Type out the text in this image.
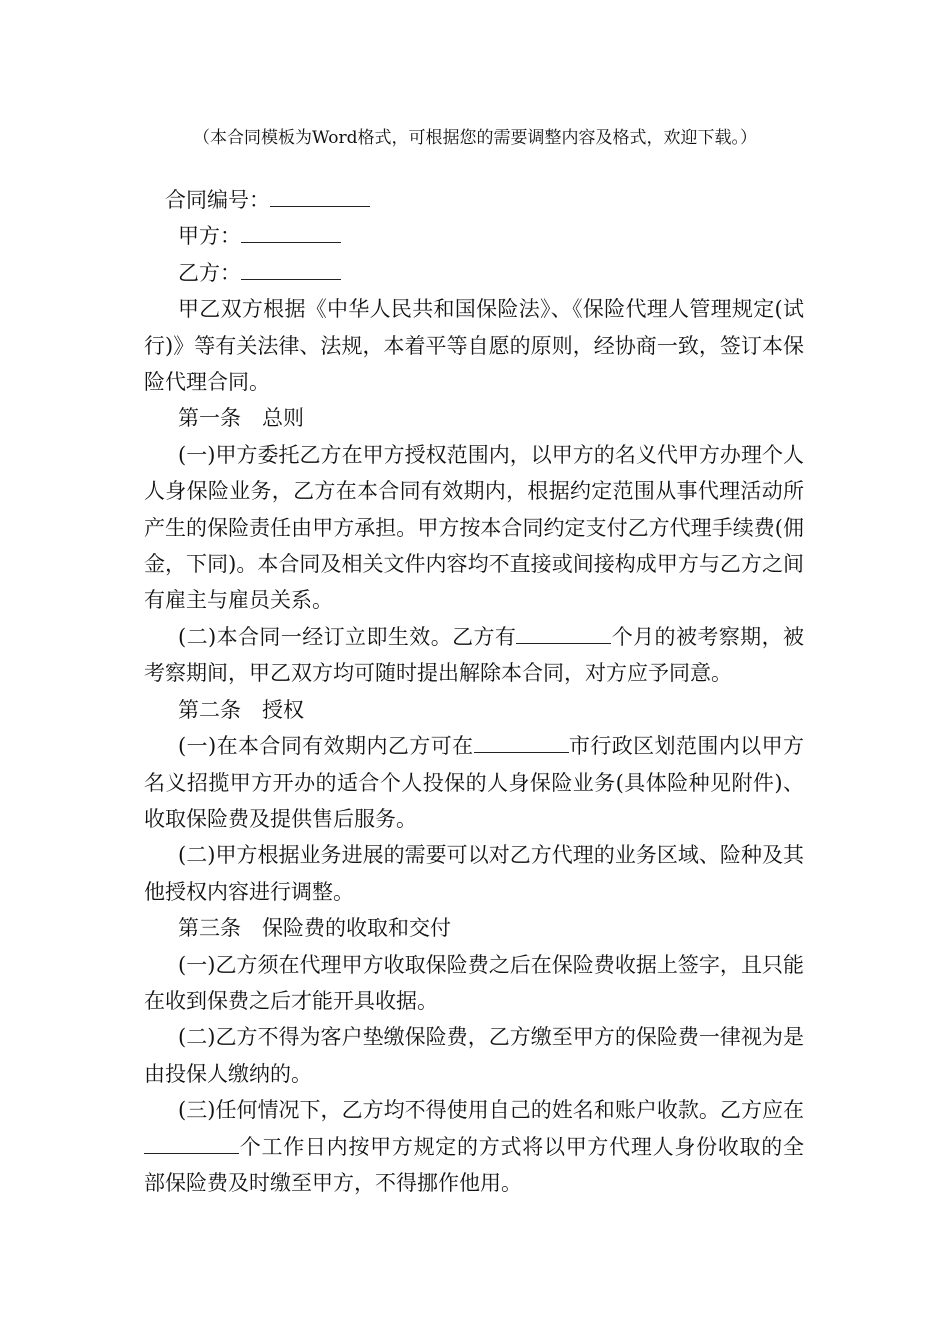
（本合同模板为Word格式，可根据您的需要调整内容及格式，欢迎下载。）

合同编号：

甲方：

乙方：

甲乙双方根据《中华人民共和国保险法》、《保险代理人管理规定(试行)》等有关法律、法规，本着平等自愿的原则，经协商一致，签订本保险代理合同。

第一条　总则

(一)甲方委托乙方在甲方授权范围内，以甲方的名义代甲方办理个人人身保险业务，乙方在本合同有效期内，根据约定范围从事代理活动所产生的保险责任由甲方承担。甲方按本合同约定支付乙方代理手续费(佣金，下同)。本合同及相关文件内容均不直接或间接构成甲方与乙方之间有雇主与雇员关系。

(二)本合同一经订立即生效。乙方有	个月的被考察期，被考察期间，甲乙双方均可随时提出解除本合同，对方应予同意。

第二条　授权

(一)在本合同有效期内乙方可在	市行政区划范围内以甲方名义招揽甲方开办的适合个人投保的人身保险业务(具体险种见附件)、收取保险费及提供售后服务。

(二)甲方根据业务进展的需要可以对乙方代理的业务区域、险种及其他授权内容进行调整。

第三条　保险费的收取和交付

(一)乙方须在代理甲方收取保险费之后在保险费收据上签字，且只能在收到保费之后才能开具收据。

(二)乙方不得为客户垫缴保险费，乙方缴至甲方的保险费一律视为是由投保人缴纳的。

(三)任何情况下，乙方均不得使用自己的姓名和账户收款。乙方应在个工作日内按甲方规定的方式将以甲方代理人身份收取的全部保险费及时缴至甲方，不得挪作他用。
